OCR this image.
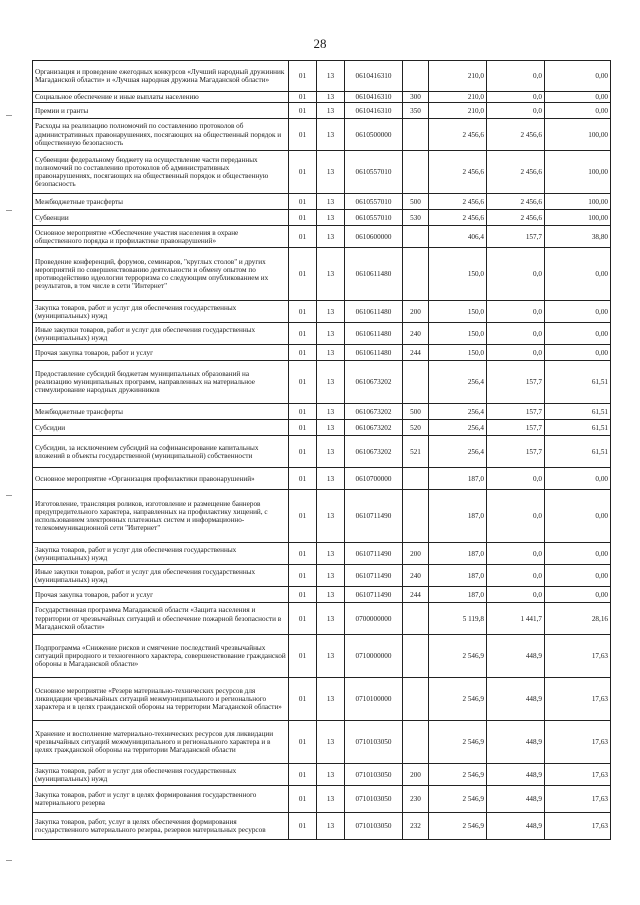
28
Организация и проведение ежегодных конкурсов «Лучший народный дружинник Магаданской области» и «Лучшая народная дружина Магаданской области»	01	13	0610416310		210,0	0,0	0,00
Социальное обеспечение и иные выплаты населению	01	13	0610416310	300	210,0	0,0	0,00
Премии и гранты	01	13	0610416310	350	210,0	0,0	0,00
Расходы на реализацию полномочий по составлению протоколов об административных правонарушениях, посягающих на общественный порядок и общественную безопасность	01	13	0610500000		2 456,6	2 456,6	100,00
Субвенции федеральному бюджету на осуществление части переданных полномочий по составлению протоколов об административных правонарушениях, посягающих на общественный порядок и общественную безопасность	01	13	0610557010		2 456,6	2 456,6	100,00
Межбюджетные трансферты	01	13	0610557010	500	2 456,6	2 456,6	100,00
Субвенции	01	13	0610557010	530	2 456,6	2 456,6	100,00
Основное мероприятие «Обеспечение участия населения в охране общественного порядка и профилактике правонарушений»	01	13	0610600000		406,4	157,7	38,80
Проведение конференций, форумов, семинаров, "круглых столов" и других мероприятий по совершенствованию деятельности и обмену опытом по противодействию идеологии терроризма со следующим опубликованием их результатов, в том числе в сети "Интернет"	01	13	0610611480		150,0	0,0	0,00
Закупка товаров, работ и услуг для обеспечения государственных (муниципальных) нужд	01	13	0610611480	200	150,0	0,0	0,00
Иные закупки товаров, работ и услуг для обеспечения государственных (муниципальных) нужд	01	13	0610611480	240	150,0	0,0	0,00
Прочая закупка товаров, работ и услуг	01	13	0610611480	244	150,0	0,0	0,00
Предоставление субсидий бюджетам муниципальных образований на реализацию муниципальных программ, направленных на материальное стимулирование народных дружинников	01	13	0610673202		256,4	157,7	61,51
Межбюджетные трансферты	01	13	0610673202	500	256,4	157,7	61,51
Субсидии	01	13	0610673202	520	256,4	157,7	61,51
Субсидии, за исключением субсидий на софинансирование капитальных вложений в объекты государственной (муниципальной) собственности	01	13	0610673202	521	256,4	157,7	61,51
Основное мероприятие «Организация профилактики правонарушений»	01	13	0610700000		187,0	0,0	0,00
Изготовление, трансляция роликов, изготовление и размещение баннеров предупредительного характера, направленных на профилактику хищений, с использованием электронных платежных систем и информационно-телекоммуникационной сети "Интернет"	01	13	0610711490		187,0	0,0	0,00
Закупка товаров, работ и услуг для обеспечения государственных (муниципальных) нужд	01	13	0610711490	200	187,0	0,0	0,00
Иные закупки товаров, работ и услуг для обеспечения государственных (муниципальных) нужд	01	13	0610711490	240	187,0	0,0	0,00
Прочая закупка товаров, работ и услуг	01	13	0610711490	244	187,0	0,0	0,00
Государственная программа Магаданской области «Защита населения и территории от чрезвычайных ситуаций и обеспечение пожарной безопасности в Магаданской области»	01	13	0700000000		5 119,8	1 441,7	28,16
Подпрограмма «Снижение рисков и смягчение последствий чрезвычайных ситуаций природного и техногенного характера, совершенствование гражданской обороны в Магаданской области»	01	13	0710000000		2 546,9	448,9	17,63
Основное мероприятие «Резерв материально-технических ресурсов для ликвидации чрезвычайных ситуаций межмуниципального и регионального характера и в целях гражданской обороны на территории Магаданской области»	01	13	0710100000		2 546,9	448,9	17,63
Хранение и восполнение материально-технических ресурсов для ликвидации чрезвычайных ситуаций межмуниципального и регионального характера и в целях гражданской обороны на территории Магаданской области	01	13	0710103050		2 546,9	448,9	17,63
Закупка товаров, работ и услуг для обеспечения государственных (муниципальных) нужд	01	13	0710103050	200	2 546,9	448,9	17,63
Закупка товаров, работ и услуг в целях формирования государственного материального резерва	01	13	0710103050	230	2 546,9	448,9	17,63
Закупка товаров, работ, услуг в целях обеспечения формирования государственного материального резерва, резервов материальных ресурсов	01	13	0710103050	232	2 546,9	448,9	17,63
